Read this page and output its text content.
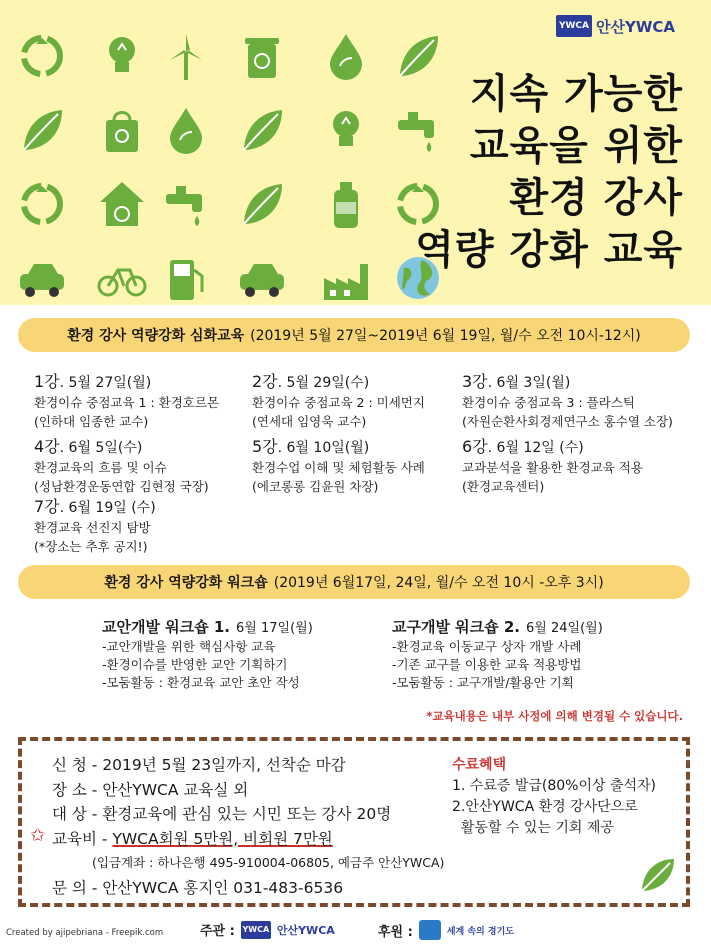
YWCA 안산YWCA
지속 가능한
교육을 위한
환경 강사
역량 강화 교육
환경 강사 역량강화 심화교육 (2019년 5월 27일~2019년 6월 19일, 월/수 오전 10시-12시)
1강. 5월 27일(월)
환경이슈 중점교육 1 : 환경호르몬
(인하대 임종한 교수)
2강. 5월 29일(수)
환경이슈 중점교육 2 : 미세먼지
(연세대 임영욱 교수)
3강. 6월 3일(월)
환경이슈 중점교육 3 : 플라스틱
(자원순환사회경제연구소 홍수열 소장)
4강. 6월 5일(수)
환경교육의 흐름 및 이슈
(성남환경운동연합 김현정 국장)
5강. 6월 10일(월)
환경수업 이해 및 체험활동 사례
(에코롱롱 김윤원 차장)
6강. 6월 12일 (수)
교과분석을 활용한 환경교육 적용
(환경교육센터)
7강. 6월 19일 (수)
환경교육 선진지 탐방
(*장소는 추후 공지!)
환경 강사 역량강화 워크숍 (2019년 6월17일, 24일, 월/수 오전 10시 -오후 3시)
교안개발 워크숍 1. 6월 17일(월)
-교안개발을 위한 핵심사항 교육
-환경이슈를 반영한 교안 기획하기
-모둠활동 : 환경교육 교안 초안 작성
교구개발 워크숍 2. 6월 24일(월)
-환경교육 이동교구 상자 개발 사례
-기존 교구를 이용한 교육 적용방법
-모둠활동 : 교구개발/활용안 기획
*교육내용은 내부 사정에 의해 변경될 수 있습니다.
✩
신 청 - 2019년 5월 23일까지, 선착순 마감
장 소 - 안산YWCA 교육실 외
대 상 - 환경교육에 관심 있는 시민 또는 강사 20명
교육비 - YWCA회원 5만원, 비회원 7만원
(입금계좌 : 하나은행 495-910004-06805, 예금주 안산YWCA)
문 의 - 안산YWCA 홍지인 031-483-6536
수료혜택
1. 수료증 발급(80%이상 출석자)
2.안산YWCA 환경 강사단으로
활동할 수 있는 기회 제공
Created by ajipebriana - Freepik.com	주관 : YWCA 안산YWCA	후원 :	세계 속의 경기도
